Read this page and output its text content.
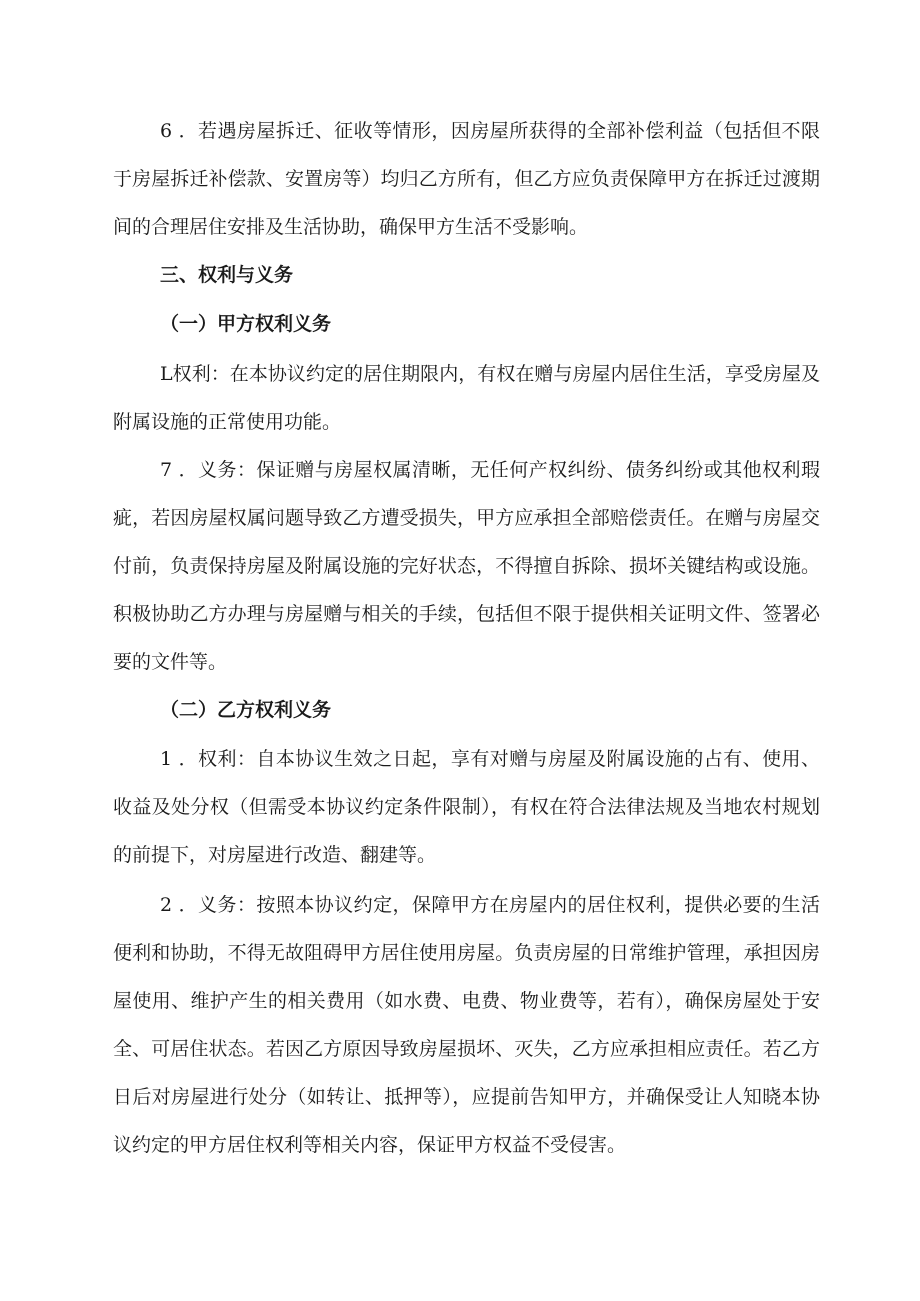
6 ．若遇房屋拆迁、征收等情形，因房屋所获得的全部补偿利益（包括但不限于房屋拆迁补偿款、安置房等）均归乙方所有，但乙方应负责保障甲方在拆迁过渡期间的合理居住安排及生活协助，确保甲方生活不受影响。

三、权利与义务
（一）甲方权利义务

L权利：在本协议约定的居住期限内，有权在赠与房屋内居住生活，享受房屋及附属设施的正常使用功能。

7 ．义务：保证赠与房屋权属清晰，无任何产权纠纷、债务纠纷或其他权利瑕疵，若因房屋权属问题导致乙方遭受损失，甲方应承担全部赔偿责任。在赠与房屋交付前，负责保持房屋及附属设施的完好状态，不得擅自拆除、损坏关键结构或设施。积极协助乙方办理与房屋赠与相关的手续，包括但不限于提供相关证明文件、签署必要的文件等。

（二）乙方权利义务

1 ．权利：自本协议生效之日起，享有对赠与房屋及附属设施的占有、使用、收益及处分权（但需受本协议约定条件限制），有权在符合法律法规及当地农村规划的前提下，对房屋进行改造、翻建等。

2 ．义务：按照本协议约定，保障甲方在房屋内的居住权利，提供必要的生活便利和协助，不得无故阻碍甲方居住使用房屋。负责房屋的日常维护管理，承担因房屋使用、维护产生的相关费用（如水费、电费、物业费等，若有），确保房屋处于安全、可居住状态。若因乙方原因导致房屋损坏、灭失，乙方应承担相应责任。若乙方日后对房屋进行处分（如转让、抵押等），应提前告知甲方，并确保受让人知晓本协议约定的甲方居住权利等相关内容，保证甲方权益不受侵害。
